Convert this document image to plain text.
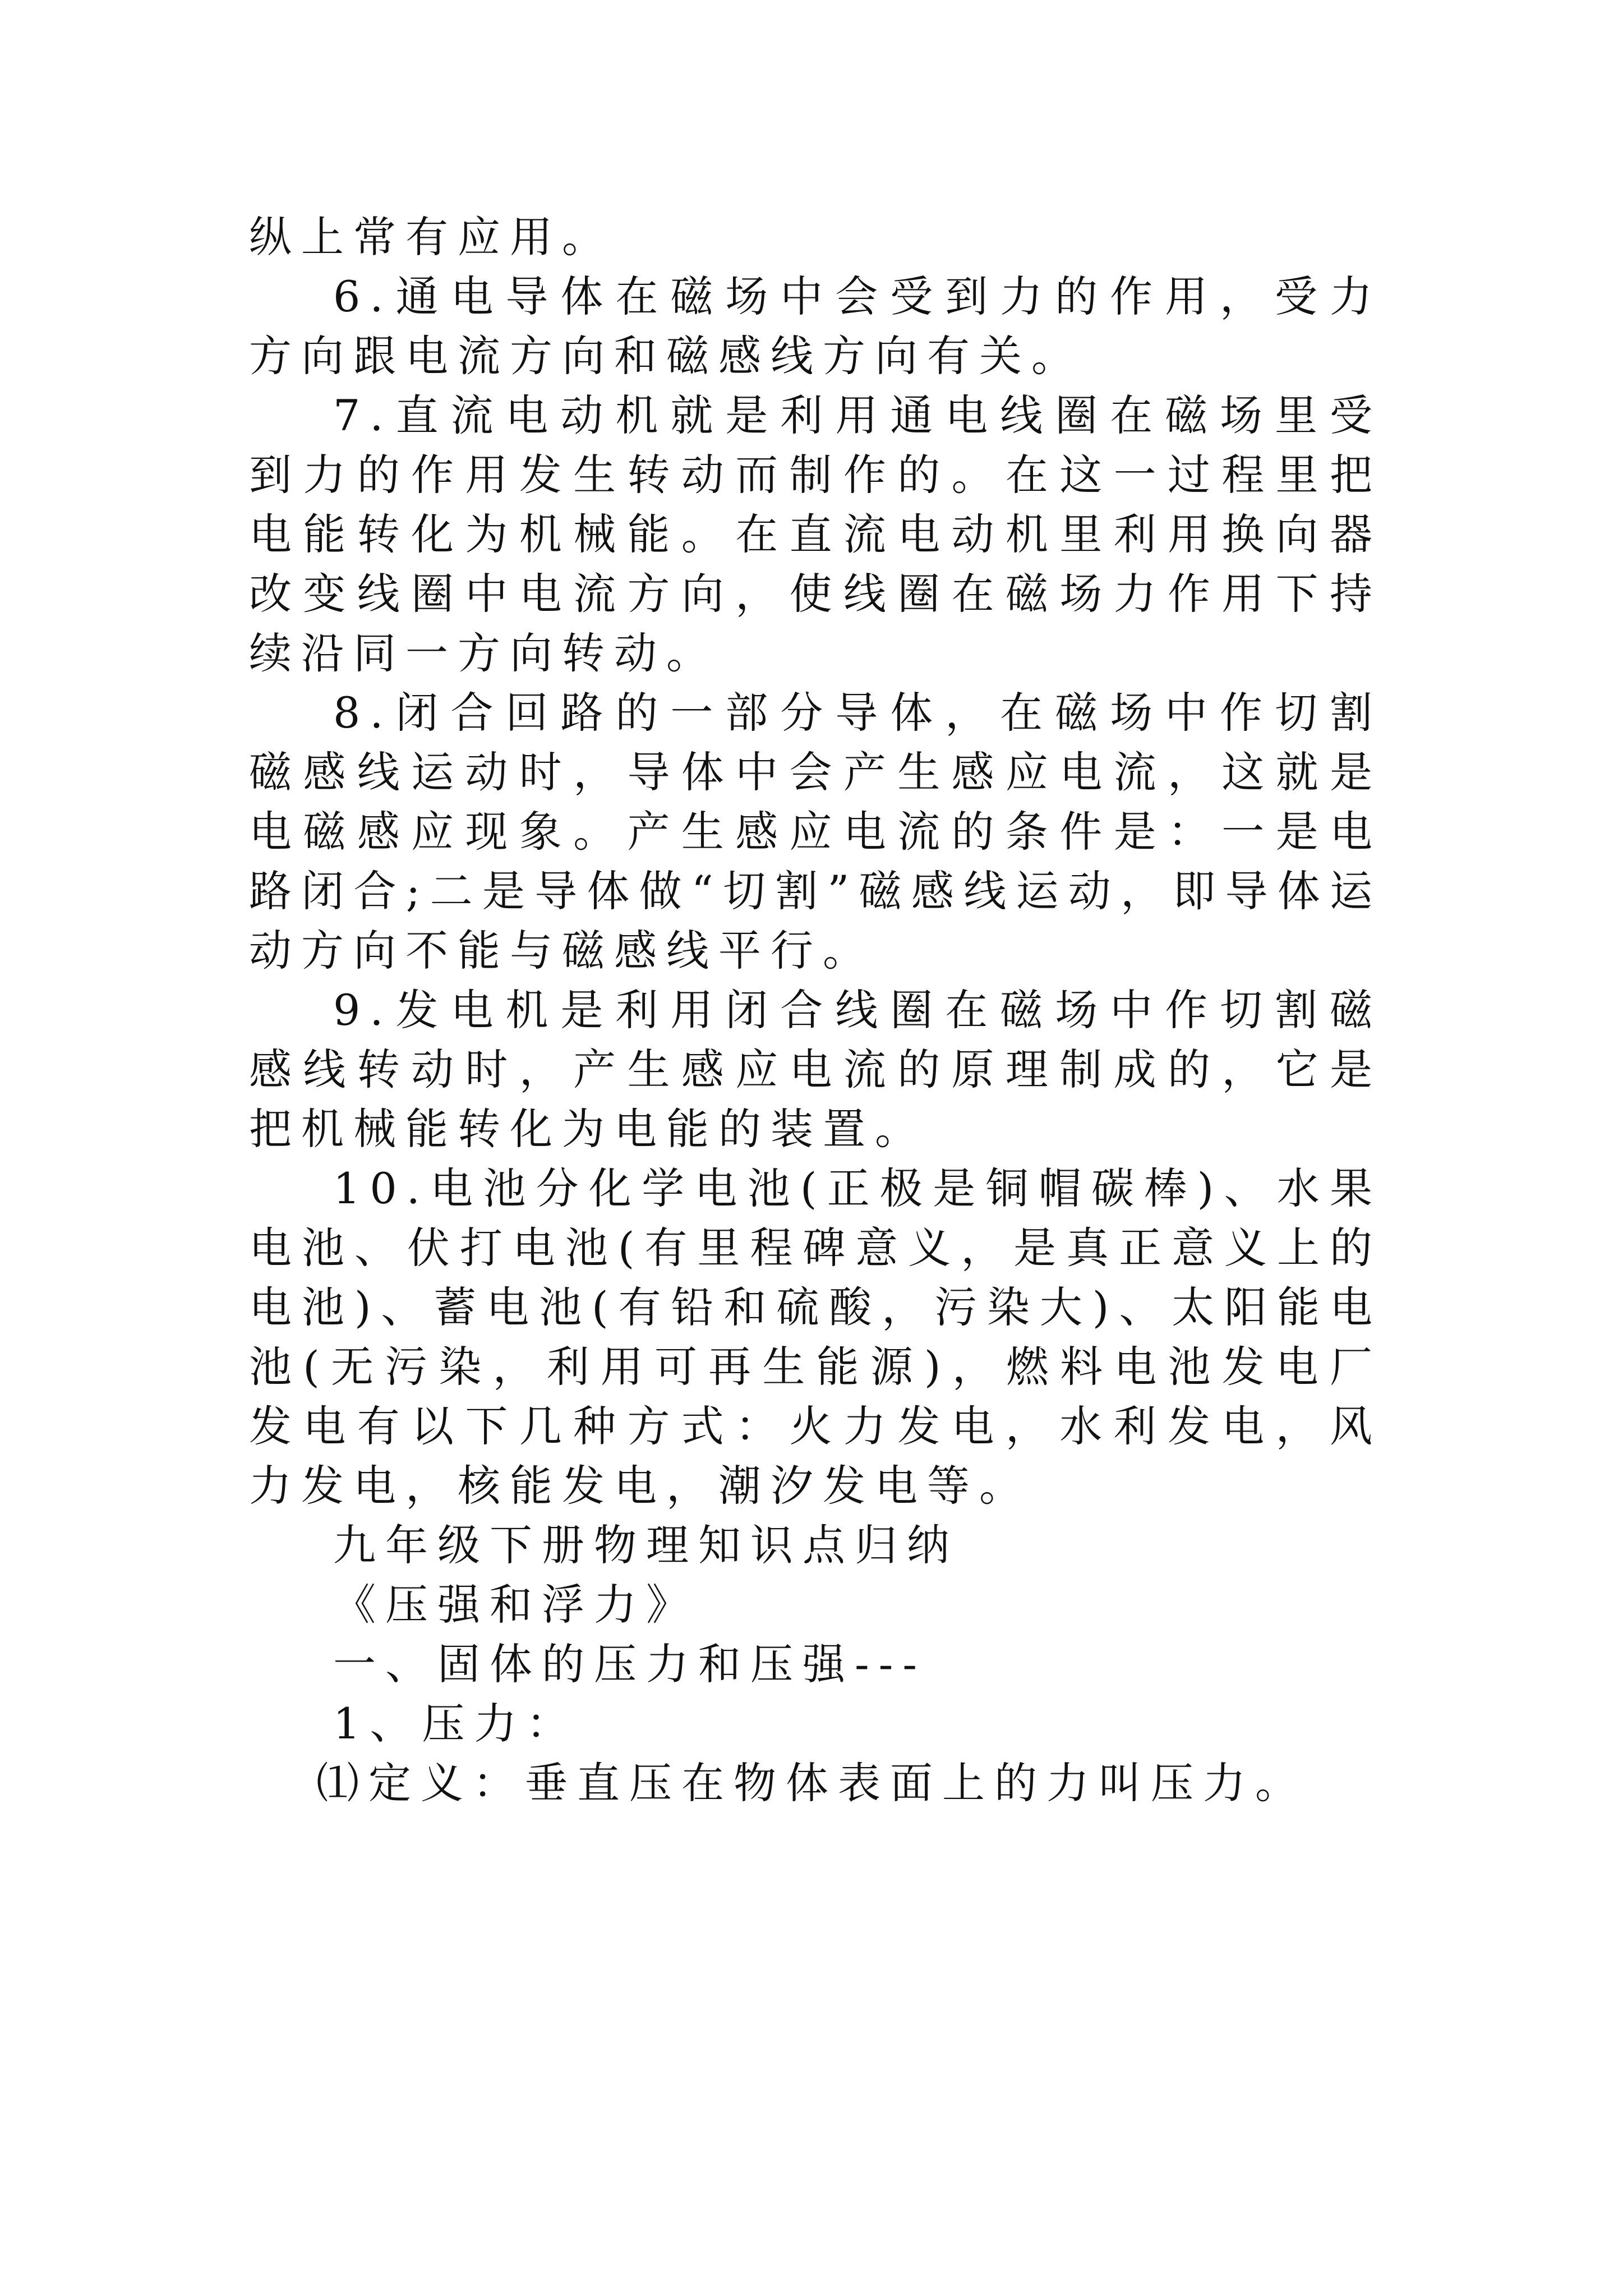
纵上常有应用。

6.通电导体在磁场中会受到力的作用，受力方向跟电流方向和磁感线方向有关。

7.直流电动机就是利用通电线圈在磁场里受到力的作用发生转动而制作的。在这一过程里把电能转化为机械能。在直流电动机里利用换向器改变线圈中电流方向，使线圈在磁场力作用下持续沿同一方向转动。

8.闭合回路的一部分导体，在磁场中作切割磁感线运动时，导体中会产生感应电流，这就是电磁感应现象。产生感应电流的条件是：一是电路闭合;二是导体做“切割”磁感线运动，即导体运动方向不能与磁感线平行。

9.发电机是利用闭合线圈在磁场中作切割磁感线转动时，产生感应电流的原理制成的，它是把机械能转化为电能的装置。

10.电池分化学电池(正极是铜帽碳棒)、水果电池、伏打电池(有里程碑意义，是真正意义上的电池)、蓄电池(有铅和硫酸，污染大)、太阳能电池(无污染，利用可再生能源)，燃料电池发电厂发电有以下几种方式：火力发电，水利发电，风力发电，核能发电，潮汐发电等。

九年级下册物理知识点归纳

《压强和浮力》

一、固体的压力和压强---

1、压力：

⑴定义：垂直压在物体表面上的力叫压力。
